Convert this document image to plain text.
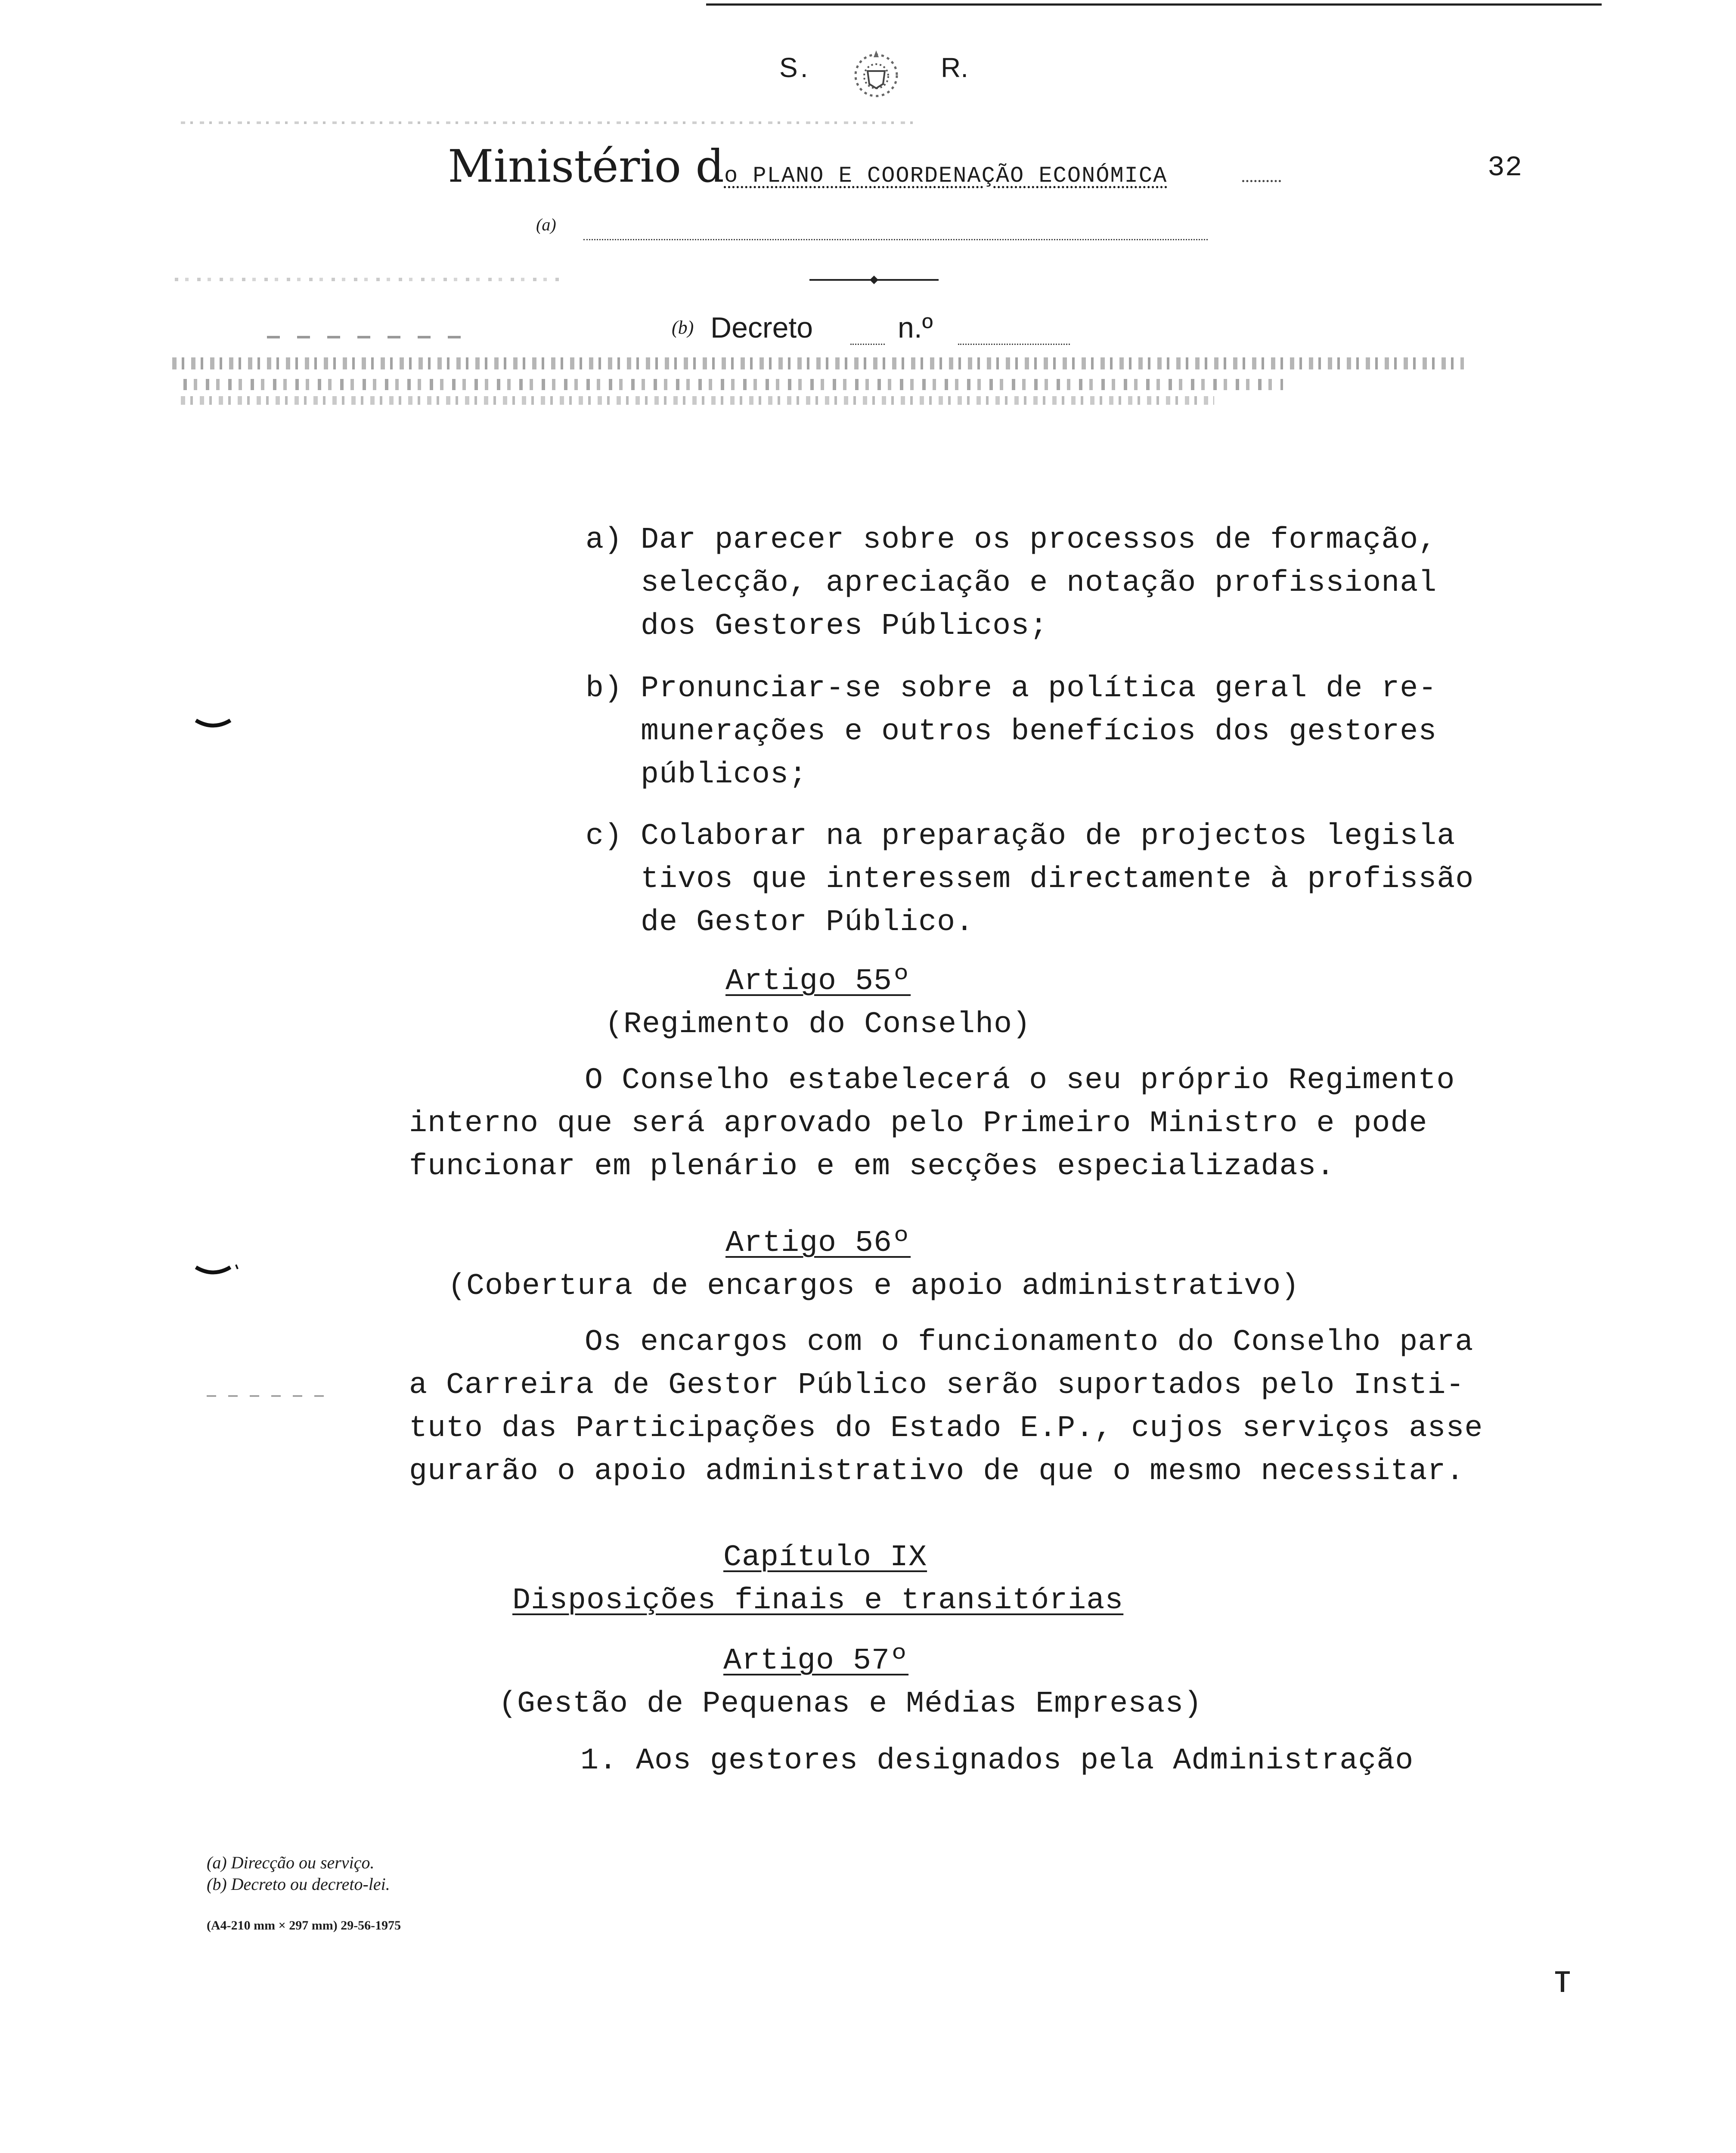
S.	R.
Ministério do PLANO E COORDENAÇÃO ECONÓMICA	32
(a)
(b) Decreto	n.º
a) Dar parecer sobre os processos de formação,
selecção, apreciação e notação profissional
dos Gestores Públicos;
b) Pronunciar-se sobre a política geral de re-
munerações e outros benefícios dos gestores
públicos;
c) Colaborar na preparação de projectos legisla
tivos que interessem directamente à profissão
de Gestor Público.
Artigo 55º
(Regimento do Conselho)
O Conselho estabelecerá o seu próprio Regimento
interno que será aprovado pelo Primeiro Ministro e pode
funcionar em plenário e em secções especializadas.
Artigo 56º
(Cobertura de encargos e apoio administrativo)
Os encargos com o funcionamento do Conselho para
a Carreira de Gestor Público serão suportados pelo Insti-
tuto das Participações do Estado E.P., cujos serviços asse
gurarão o apoio administrativo de que o mesmo necessitar.
Capítulo IX
Disposições finais e transitórias
Artigo 57º
(Gestão de Pequenas e Médias Empresas)
1. Aos gestores designados pela Administração
(a) Direcção ou serviço.
(b) Decreto ou decreto-lei.
(A4-210 mm × 297 mm) 29-56-1975
